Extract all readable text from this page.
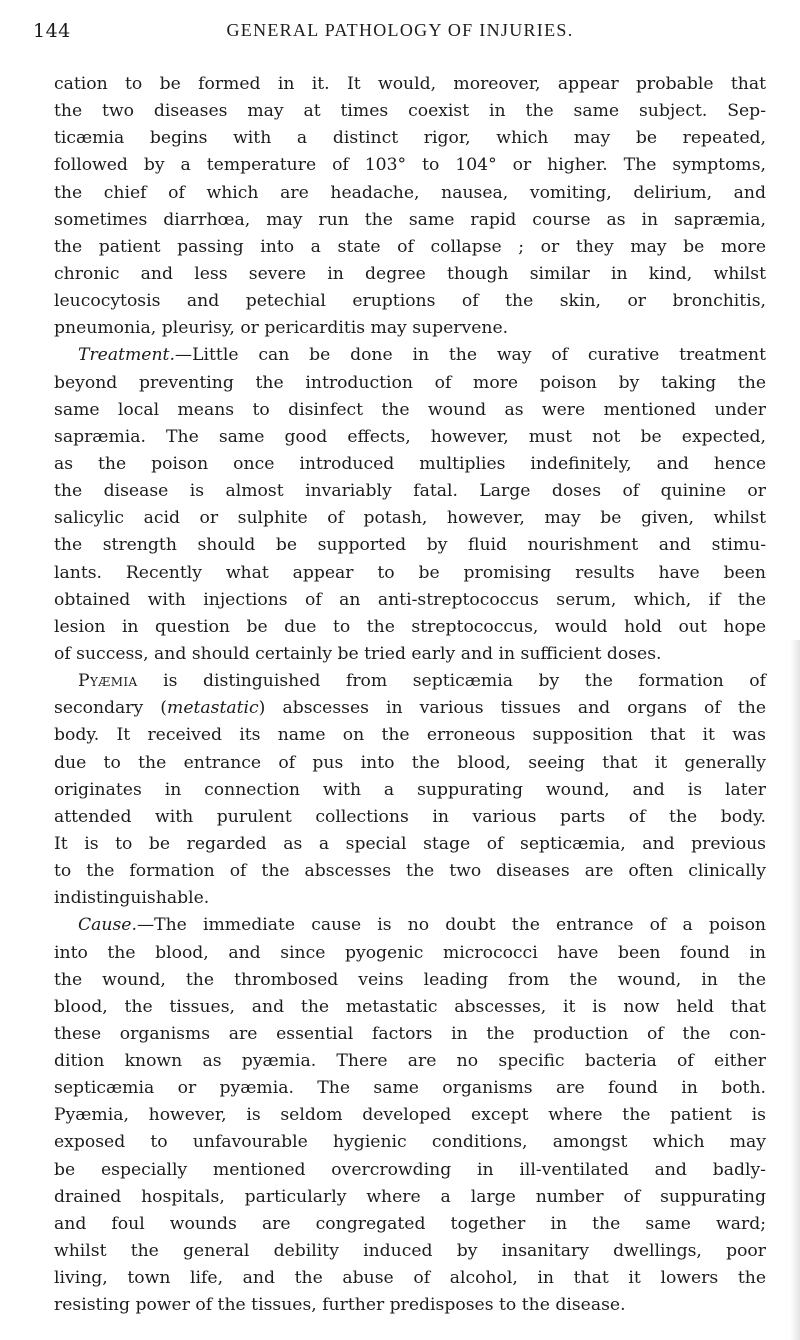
144	GENERAL PATHOLOGY OF INJURIES.
cation to be formed in it. It would, moreover, appear probable that
the two diseases may at times coexist in the same subject. Sep-
ticæmia begins with a distinct rigor, which may be repeated,
followed by a temperature of 103° to 104° or higher. The symptoms,
the chief of which are headache, nausea, vomiting, delirium, and
sometimes diarrhœa, may run the same rapid course as in sapræmia,
the patient passing into a state of collapse ; or they may be more
chronic and less severe in degree though similar in kind, whilst
leucocytosis and petechial eruptions of the skin, or bronchitis,
pneumonia, pleurisy, or pericarditis may supervene.
Treatment.—Little can be done in the way of curative treatment
beyond preventing the introduction of more poison by taking the
same local means to disinfect the wound as were mentioned under
sapræmia. The same good effects, however, must not be expected,
as the poison once introduced multiplies indefinitely, and hence
the disease is almost invariably fatal. Large doses of quinine or
salicylic acid or sulphite of potash, however, may be given, whilst
the strength should be supported by fluid nourishment and stimu-
lants. Recently what appear to be promising results have been
obtained with injections of an anti-streptococcus serum, which, if the
lesion in question be due to the streptococcus, would hold out hope
of success, and should certainly be tried early and in sufficient doses.
Pyæmia is distinguished from septicæmia by the formation of
secondary (metastatic) abscesses in various tissues and organs of the
body. It received its name on the erroneous supposition that it was
due to the entrance of pus into the blood, seeing that it generally
originates in connection with a suppurating wound, and is later
attended with purulent collections in various parts of the body.
It is to be regarded as a special stage of septicæmia, and previous
to the formation of the abscesses the two diseases are often clinically
indistinguishable.
Cause.—The immediate cause is no doubt the entrance of a poison
into the blood, and since pyogenic micrococci have been found in
the wound, the thrombosed veins leading from the wound, in the
blood, the tissues, and the metastatic abscesses, it is now held that
these organisms are essential factors in the production of the con-
dition known as pyæmia. There are no specific bacteria of either
septicæmia or pyæmia. The same organisms are found in both.
Pyæmia, however, is seldom developed except where the patient is
exposed to unfavourable hygienic conditions, amongst which may
be especially mentioned overcrowding in ill-ventilated and badly-
drained hospitals, particularly where a large number of suppurating
and foul wounds are congregated together in the same ward;
whilst the general debility induced by insanitary dwellings, poor
living, town life, and the abuse of alcohol, in that it lowers the
resisting power of the tissues, further predisposes to the disease.
